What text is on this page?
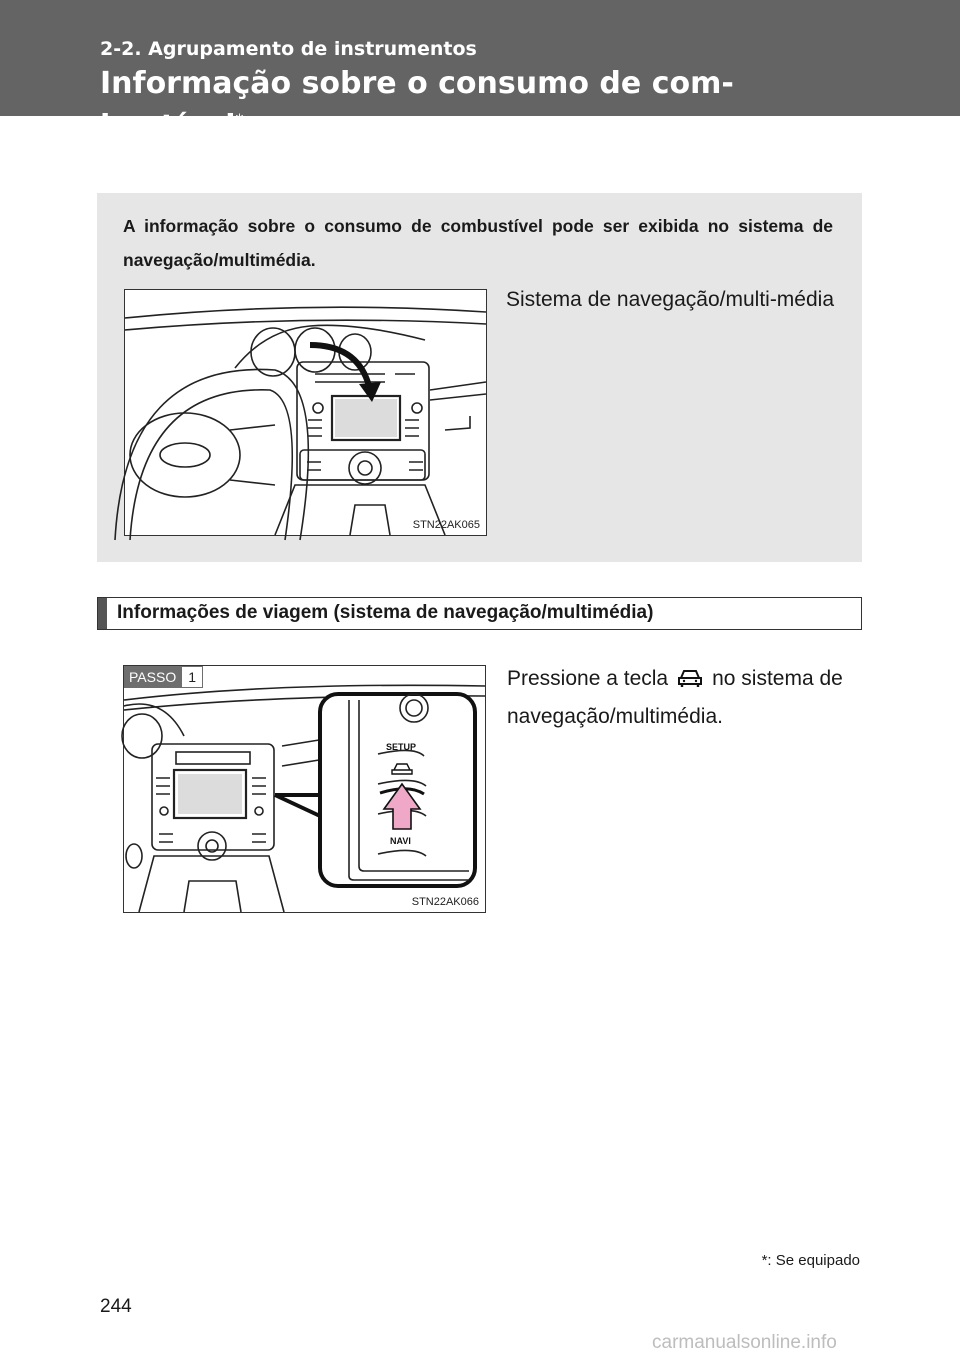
2-2. Agrupamento de instrumentos
Informação sobre o consumo de com-bustível*
A informação sobre o consumo de combustível pode ser exibida no sistema de navegação/multimédia.
STN22AK065
Sistema de navegação/multi-média
Informações de viagem (sistema de navegação/multimédia)
SETUP
NAVI
PASSO 1
STN22AK066
Pressione a tecla no sistema de navegação/multimédia.
*: Se equipado
244
carmanualsonline.info
